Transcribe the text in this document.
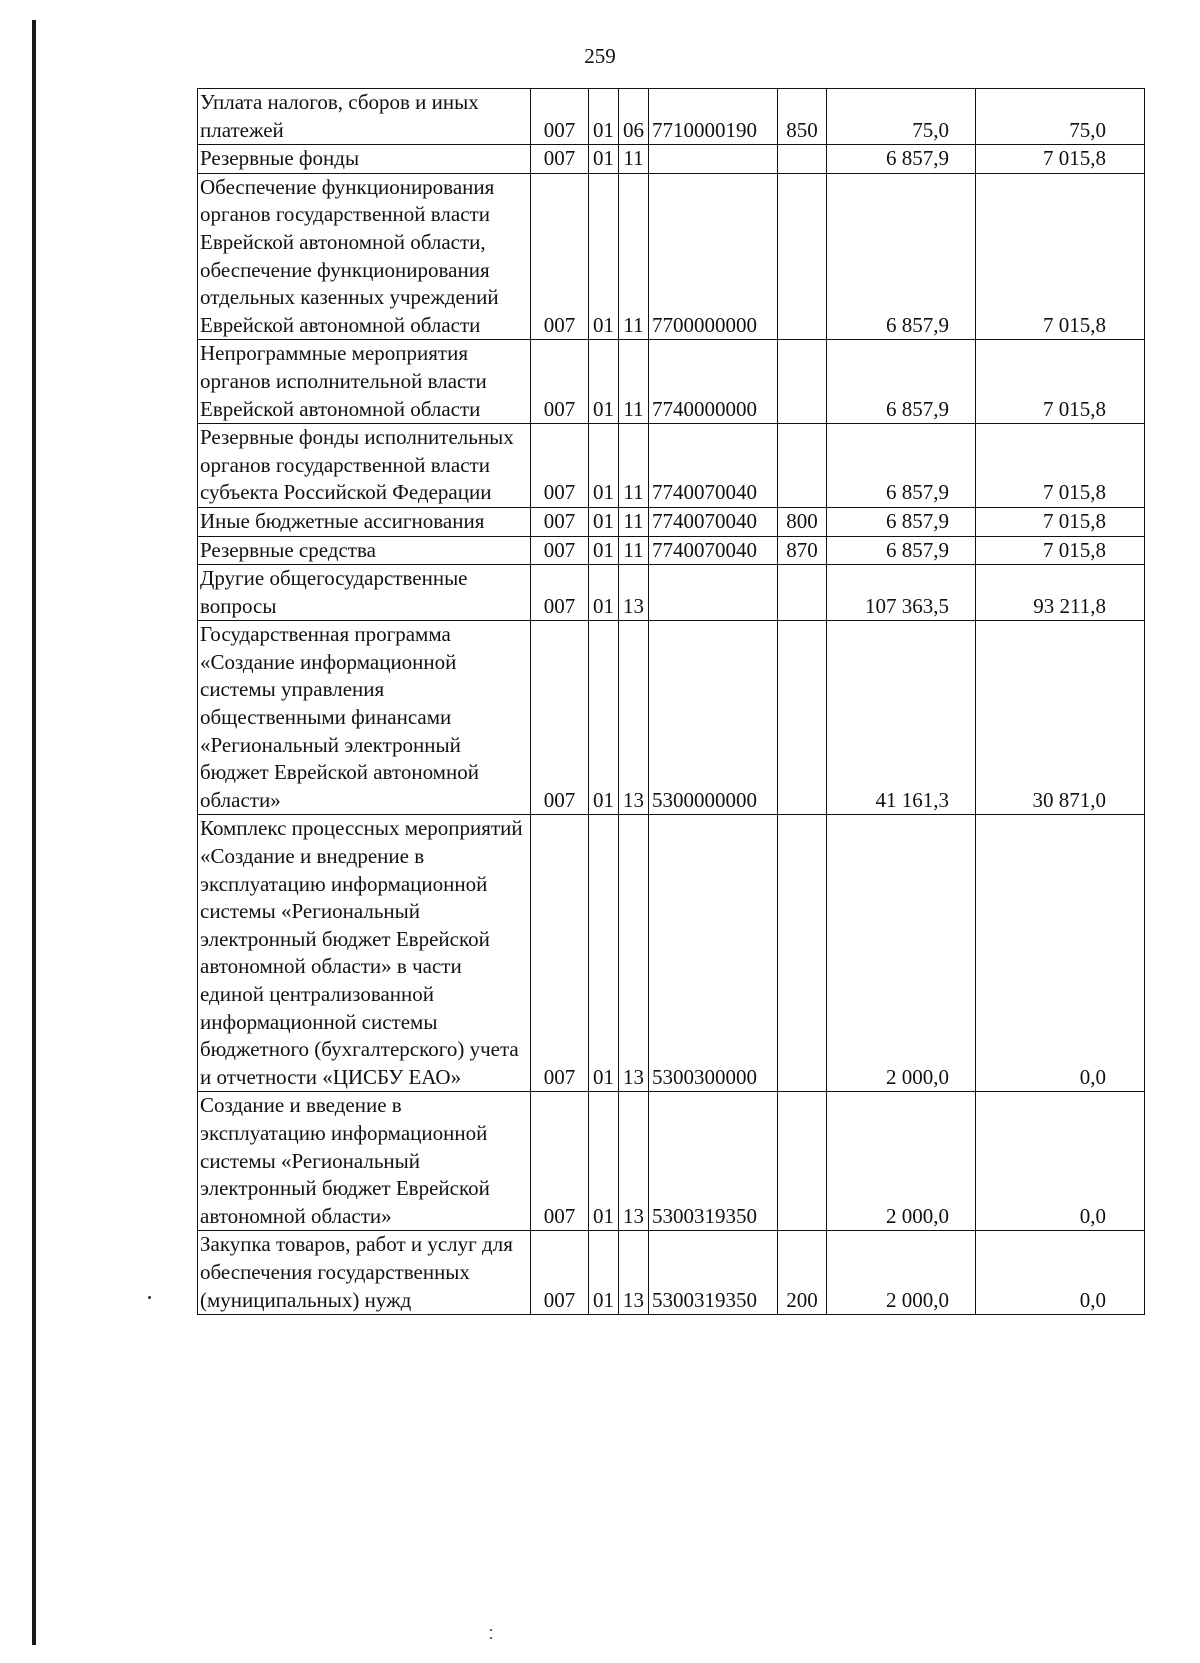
259
Уплата налогов, сборов и иных платежей	007	01	06	7710000190	850	75,0	75,0
Резервные фонды	007	01	11			6 857,9	7 015,8
Обеспечение функционирования органов государственной власти Еврейской автономной области, обеспечение функционирования отдельных казенных учреждений Еврейской автономной области	007	01	11	7700000000		6 857,9	7 015,8
Непрограммные мероприятия органов исполнительной власти Еврейской автономной области	007	01	11	7740000000		6 857,9	7 015,8
Резервные фонды исполнительных органов государственной власти субъекта Российской Федерации	007	01	11	7740070040		6 857,9	7 015,8
Иные бюджетные ассигнования	007	01	11	7740070040	800	6 857,9	7 015,8
Резервные средства	007	01	11	7740070040	870	6 857,9	7 015,8
Другие общегосударственные вопросы	007	01	13			107 363,5	93 211,8
Государственная программа «Создание информационной системы управления общественными финансами «Региональный электронный бюджет Еврейской автономной области»	007	01	13	5300000000		41 161,3	30 871,0
Комплекс процессных мероприятий «Создание и внедрение в эксплуатацию информационной системы «Региональный электронный бюджет Еврейской автономной области» в части единой централизованной информационной системы бюджетного (бухгалтерского) учета и отчетности «ЦИСБУ ЕАО»	007	01	13	5300300000		2 000,0	0,0
Создание и введение в эксплуатацию информационной системы «Региональный электронный бюджет Еврейской автономной области»	007	01	13	5300319350		2 000,0	0,0
Закупка товаров, работ и услуг для обеспечения государственных (муниципальных) нужд	007	01	13	5300319350	200	2 000,0	0,0
